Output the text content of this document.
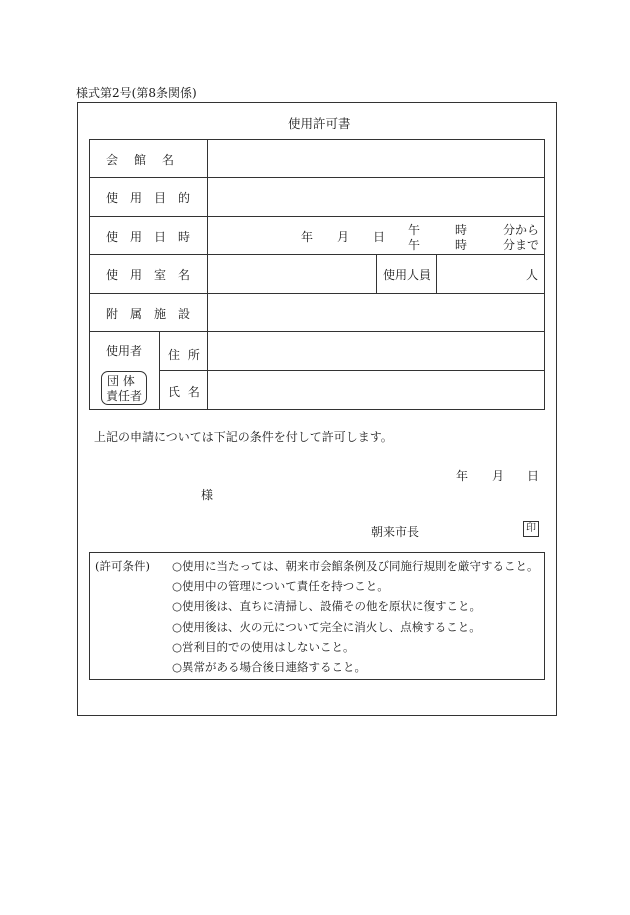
様式第2号(第8条関係)
使用許可書
会　館　名
使用目的
使用日時
使用室名
附属施設
使用者
団 体
責任者
住 所
氏 名
年 月 日 午
午
時
時
分から
分まで
使用人員	人
上記の申請については下記の条件を付して許可します。
年 月 日
様
朝来市長	印
(許可条件) ○使用に当たっては、朝来市会館条例及び同施行規則を厳守すること。
○使用中の管理について責任を持つこと。
○使用後は、直ちに清掃し、設備その他を原状に復すこと。
○使用後は、火の元について完全に消火し、点検すること。
○営利目的での使用はしないこと。
○異常がある場合後日連絡すること。
